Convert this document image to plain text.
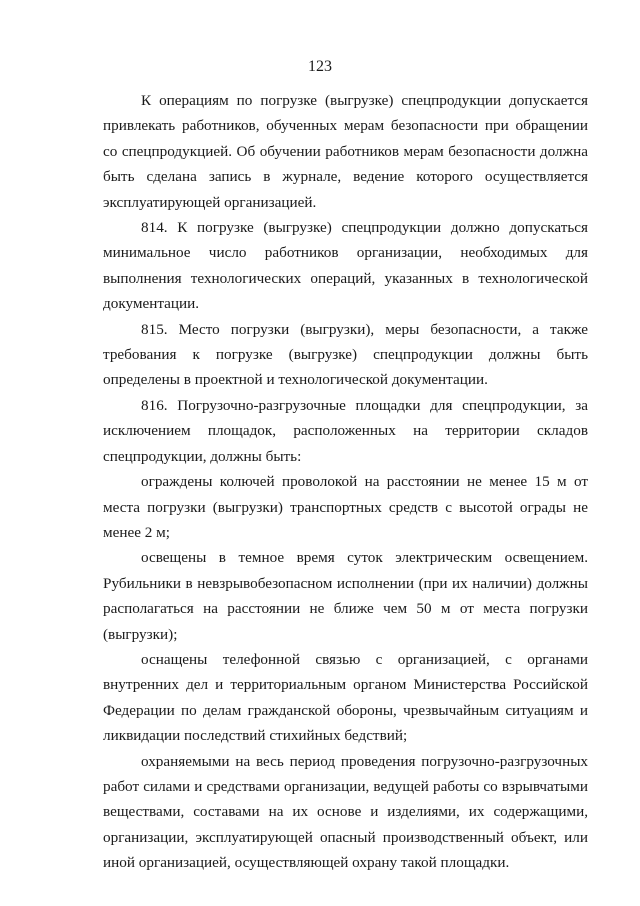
123

К операциям по погрузке (выгрузке) спецпродукции допускается привлекать работников, обученных мерам безопасности при обращении со спецпродукцией. Об обучении работников мерам безопасности должна быть сделана запись в журнале, ведение которого осуществляется эксплуатирующей организацией.

814. К погрузке (выгрузке) спецпродукции должно допускаться минимальное число работников организации, необходимых для выполнения технологических операций, указанных в технологической документации.

815. Место погрузки (выгрузки), меры безопасности, а также требования к погрузке (выгрузке) спецпродукции должны быть определены в проектной и технологической документации.

816. Погрузочно-разгрузочные площадки для спецпродукции, за исключением площадок, расположенных на территории складов спецпродукции, должны быть:

ограждены колючей проволокой на расстоянии не менее 15 м от места погрузки (выгрузки) транспортных средств с высотой ограды не менее 2 м;

освещены в темное время суток электрическим освещением. Рубильники в невзрывобезопасном исполнении (при их наличии) должны располагаться на расстоянии не ближе чем 50 м от места погрузки (выгрузки);

оснащены телефонной связью с организацией, с органами внутренних дел и территориальным органом Министерства Российской Федерации по делам гражданской обороны, чрезвычайным ситуациям и ликвидации последствий стихийных бедствий;

охраняемыми на весь период проведения погрузочно-разгрузочных работ силами и средствами организации, ведущей работы со взрывчатыми веществами, составами на их основе и изделиями, их содержащими, организации, эксплуатирующей опасный производственный объект, или иной организацией, осуществляющей охрану такой площадки.
